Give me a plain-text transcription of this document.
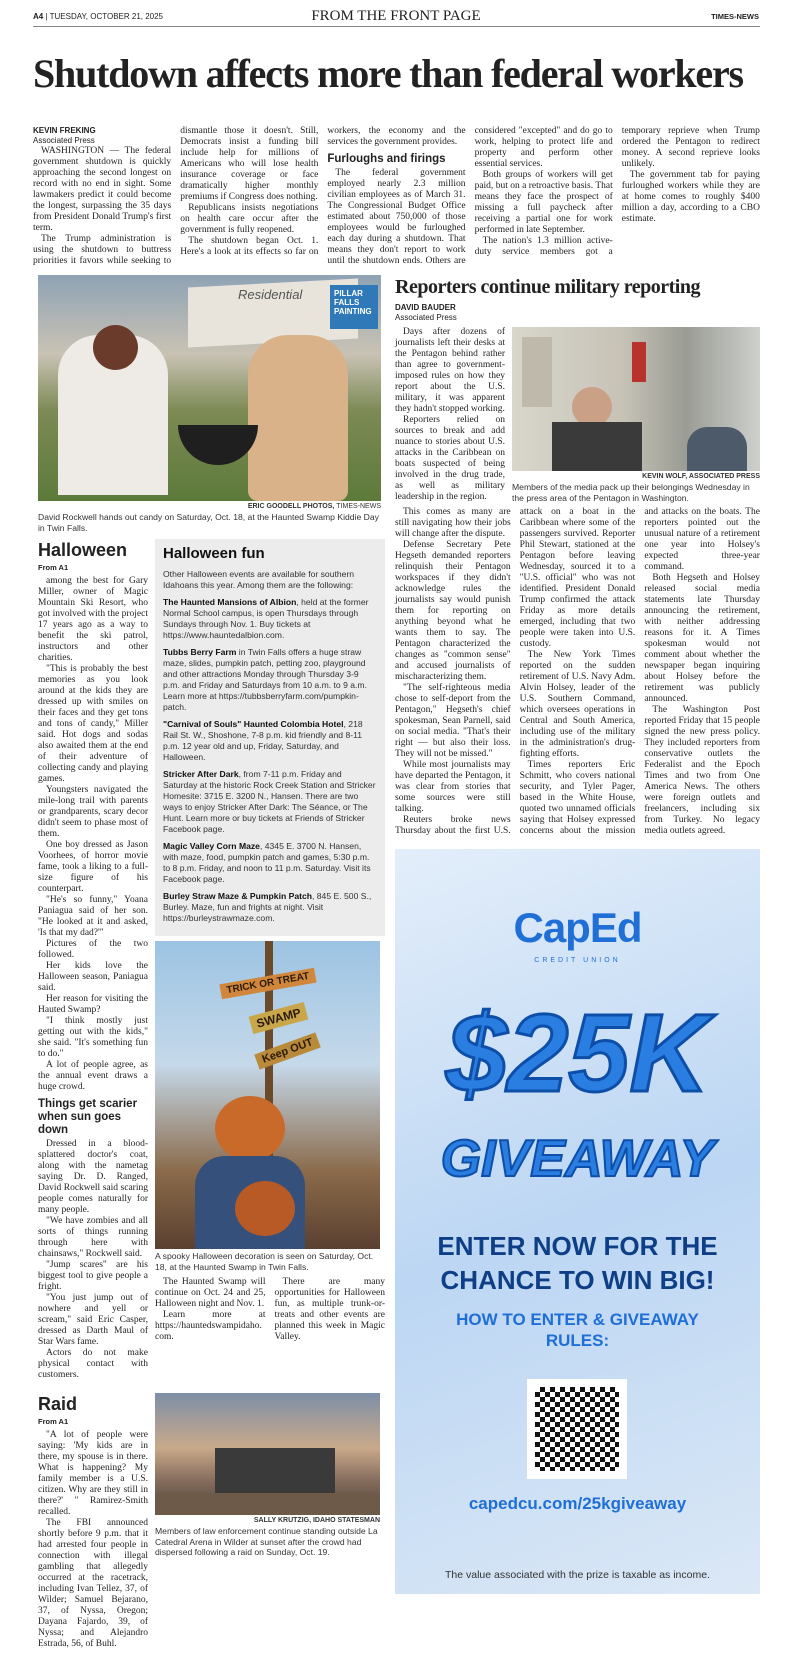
A4 | TUESDAY, OCTOBER 21, 2025	FROM THE FRONT PAGE	TIMES-NEWS
Shutdown affects more than federal workers
KEVIN FREKING
Associated Press

WASHINGTON — The federal government shutdown is quickly approaching the second longest on record with no end in sight. Some lawmakers predict it could become the longest, surpassing the 35 days from President Donald Trump's first term.

The Trump administration is using the shutdown to buttress priorities it favors while seeking to dismantle those it doesn't. Still, Democrats insist a funding bill include help for millions of Americans who will lose health insurance coverage or face dramatically higher monthly premiums if Congress does nothing.

Republicans insists negotiations on health care occur after the government is fully reopened.

The shutdown began Oct. 1. Here's a look at its effects so far on workers, the economy and the services the government provides.

Furloughs and firings

The federal government employed nearly 2.3 million civilian employees as of March 31. The Congressional Budget Office estimated about 750,000 of those employees would be furloughed each day during a shutdown. That means they don't report to work until the shutdown ends. Others are considered "excepted" and do go to work, helping to protect life and property and perform other essential services.

Both groups of workers will get paid, but on a retroactive basis. That means they face the prospect of missing a full paycheck after receiving a partial one for work performed in late September.

The nation's 1.3 million active-duty service members got a temporary reprieve when Trump ordered the Pentagon to redirect money. A second reprieve looks unlikely.

The government tab for paying furloughed workers while they are at home comes to roughly $400 million a day, according to a CBO estimate.

Residential	PILLAR FALLS PAINTING
ERIC GOODELL PHOTOS, TIMES-NEWS
David Rockwell hands out candy on Saturday, Oct. 18, at the Haunted Swamp Kiddie Day in Twin Falls.
Halloween
From A1

among the best for Gary Miller, owner of Magic Mountain Ski Resort, who got involved with the project 17 years ago as a way to benefit the ski patrol, instructors and other charities.

"This is probably the best memories as you look around at the kids they are dressed up with smiles on their faces and they get tons and tons of candy," Miller said. Hot dogs and sodas also awaited them at the end of their adventure of collecting candy and playing games.

Youngsters navigated the mile-long trail with parents or grandparents, scary decor didn't seem to phase most of them.

One boy dressed as Jason Voorhees, of horror movie fame, took a liking to a full-size figure of his counterpart.

"He's so funny," Yoana Paniagua said of her son. "He looked at it and asked, 'Is that my dad?'"

Pictures of the two followed.

Her kids love the Halloween season, Paniagua said.

Her reason for visiting the Hauted Swamp?

"I think mostly just getting out with the kids," she said. "It's something fun to do."

A lot of people agree, as the annual event draws a huge crowd.

Things get scarier when sun goes down

Dressed in a blood-splattered doctor's coat, along with the nametag saying Dr. D. Ranged, David Rockwell said scaring people comes naturally for many people.

"We have zombies and all sorts of things running through here with chainsaws," Rockwell said.

"Jump scares" are his biggest tool to give people a fright.

"You just jump out of nowhere and yell or scream," said Eric Casper, dressed as Darth Maul of Star Wars fame.

Actors do not make physical contact with customers.

Halloween fun

Other Halloween events are available for southern Idahoans this year. Among them are the following:

The Haunted Mansions of Albion, held at the former Normal School campus, is open Thursdays through Sundays through Nov. 1. Buy tickets at https://www.hauntedalbion.com.

Tubbs Berry Farm in Twin Falls offers a huge straw maze, slides, pumpkin patch, petting zoo, playground and other attractions Monday through Thursday 3-9 p.m. and Friday and Saturdays from 10 a.m. to 9 a.m. Learn more at https://tubbsberryfarm.com/pumpkin-patch.

"Carnival of Souls" Haunted Colombia Hotel, 218 Rail St. W., Shoshone, 7-8 p.m. kid friendly and 8-11 p.m. 12 year old and up, Friday, Saturday, and Halloween.

Stricker After Dark, from 7-11 p.m. Friday and Saturday at the historic Rock Creek Station and Stricker Homesite: 3715 E. 3200 N., Hansen. There are two ways to enjoy Stricker After Dark: The Séance, or The Hunt. Learn more or buy tickets at Friends of Stricker Facebook page.

Magic Valley Corn Maze, 4345 E. 3700 N. Hansen, with maze, food, pumpkin patch and games, 5:30 p.m. to 8 p.m. Friday, and noon to 11 p.m. Saturday. Visit its Facebook page.

Burley Straw Maze & Pumpkin Patch, 845 E. 500 S., Burley. Maze, fun and frights at night. Visit https://burleystrawmaze.com.

TRICK OR TREAT
SWAMP
Keep OUT
A spooky Halloween decoration is seen on Saturday, Oct. 18, at the Haunted Swamp in Twin Falls.

The Haunted Swamp will continue on Oct. 24 and 25, Halloween night and Nov. 1.

Learn more at https://hauntedswampidaho.com.

There are many opportunities for Halloween fun, as multiple trunk-or-treats and other events are planned this week in Magic Valley.

Raid
From A1

"A lot of people were saying: 'My kids are in there, my spouse is in there. What is happening? My family member is a U.S. citizen. Why are they still in there?' " Ramirez-Smith recalled.

The FBI announced shortly before 9 p.m. that it had arrested four people in connection with illegal gambling that allegedly occurred at the racetrack, including Ivan Tellez, 37, of Wilder; Samuel Bejarano, 37, of Nyssa, Oregon; Dayana Fajardo, 39, of Nyssa; and Alejandro Estrada, 56, of Buhl.

SALLY KRUTZIG, IDAHO STATESMAN
Members of law enforcement continue standing outside La Catedral Arena in Wilder at sunset after the crowd had dispersed following a raid on Sunday, Oct. 19.
Reporters continue military reporting
DAVID BAUDER
Associated Press

Days after dozens of journalists left their desks at the Pentagon behind rather than agree to government-imposed rules on how they report about the U.S. military, it was apparent they hadn't stopped working.

Reporters relied on sources to break and add nuance to stories about U.S. attacks in the Caribbean on boats suspected of being involved in the drug trade, as well as military leadership in the region.

KEVIN WOLF, ASSOCIATED PRESS
Members of the media pack up their belongings Wednesday in the press area of the Pentagon in Washington.

This comes as many are still navigating how their jobs will change after the dispute.

Defense Secretary Pete Hegseth demanded reporters relinquish their Pentagon workspaces if they didn't acknowledge rules the journalists say would punish them for reporting on anything beyond what he wants them to say. The Pentagon characterized the changes as "common sense" and accused journalists of mischaracterizing them.

"The self-righteous media chose to self-deport from the Pentagon," Hegseth's chief spokesman, Sean Parnell, said on social media. "That's their right — but also their loss. They will not be missed."

While most journalists may have departed the Pentagon, it was clear from stories that some sources were still talking.

Reuters broke news Thursday about the first U.S. attack on a boat in the Caribbean where some of the passengers survived. Reporter Phil Stewart, stationed at the Pentagon before leaving Wednesday, sourced it to a "U.S. official" who was not identified. President Donald Trump confirmed the attack Friday as more details emerged, including that two people were taken into U.S. custody.

The New York Times reported on the sudden retirement of U.S. Navy Adm. Alvin Holsey, leader of the U.S. Southern Command, which oversees operations in Central and South America, including use of the military in the administration's drug-fighting efforts.

Times reporters Eric Schmitt, who covers national security, and Tyler Pager, based in the White House, quoted two unnamed officials saying that Holsey expressed concerns about the mission and attacks on the boats. The reporters pointed out the unusual nature of a retirement one year into Holsey's expected three-year command.

Both Hegseth and Holsey released social media statements late Thursday announcing the retirement, with neither addressing reasons for it. A Times spokesman would not comment about whether the newspaper began inquiring about Holsey before the retirement was publicly announced.

The Washington Post reported Friday that 15 people signed the new press policy. They included reporters from conservative outlets the Federalist and the Epoch Times and two from One America News. The others were foreign outlets and freelancers, including six from Turkey. No legacy media outlets agreed.

CapEd
CREDIT UNION
$25K
GIVEAWAY
ENTER NOW FOR THE CHANCE TO WIN BIG!
HOW TO ENTER & GIVEAWAY RULES:
capedcu.com/25kgiveaway
The value associated with the prize is taxable as income.
